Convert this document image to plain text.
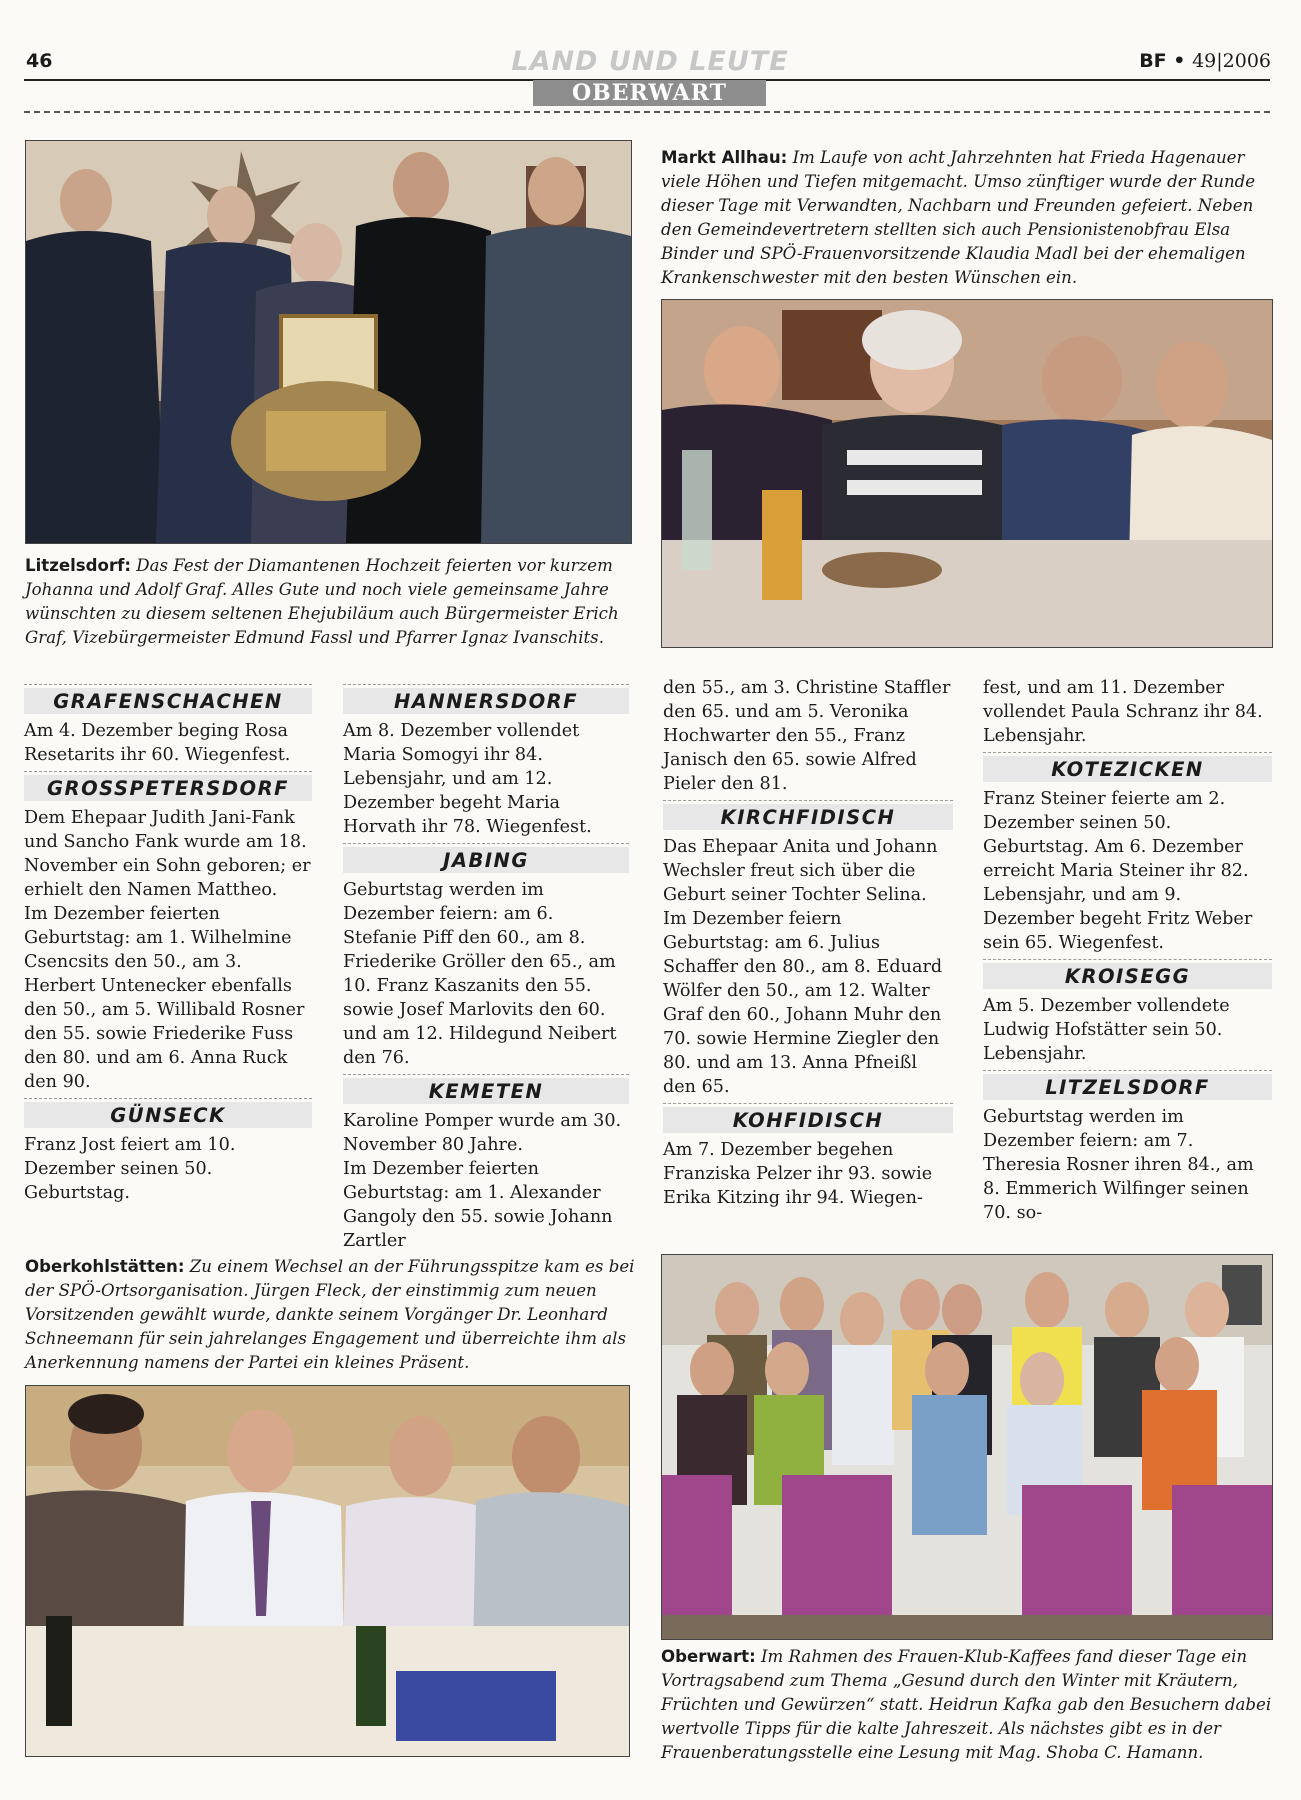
46	LAND UND LEUTE	BF • 49|2006
OBERWART
Markt Allhau: Im Laufe von acht Jahrzehnten hat Frieda Hagenauer viele Höhen und Tiefen mitgemacht. Umso zünftiger wurde der Runde dieser Tage mit Verwandten, Nachbarn und Freunden gefeiert. Neben den Gemeindevertretern stellten sich auch Pensionistenobfrau Elsa Binder und SPÖ-Frauenvorsitzende Klaudia Madl bei der ehemaligen Krankenschwester mit den besten Wünschen ein.
Litzelsdorf: Das Fest der Diamantenen Hochzeit feierten vor kurzem Johanna und Adolf Graf. Alles Gute und noch viele gemeinsame Jahre wünschten zu diesem seltenen Ehejubiläum auch Bürgermeister Erich Graf, Vizebürgermeister Edmund Fassl und Pfarrer Ignaz Ivanschits.
GRAFENSCHACHEN

Am 4. Dezember beging Rosa Resetarits ihr 60. Wiegenfest.

GROSSPETERSDORF

Dem Ehepaar Judith Jani-Fank und Sancho Fank wurde am 18. November ein Sohn geboren; er erhielt den Namen Mattheo.

Im Dezember feierten Geburtstag: am 1. Wilhelmine Csencsits den 50., am 3. Herbert Untenecker ebenfalls den 50., am 5. Willibald Rosner den 55. sowie Friederike Fuss den 80. und am 6. Anna Ruck den 90.

GÜNSECK

Franz Jost feiert am 10. Dezember seinen 50. Geburtstag.

HANNERSDORF

Am 8. Dezember vollendet Maria Somogyi ihr 84. Lebensjahr, und am 12. Dezember begeht Maria Horvath ihr 78. Wiegenfest.

JABING

Geburtstag werden im Dezember feiern: am 6. Stefanie Piff den 60., am 8. Friederike Gröller den 65., am 10. Franz Kaszanits den 55. sowie Josef Marlovits den 60. und am 12. Hildegund Neibert den 76.

KEMETEN

Karoline Pomper wurde am 30. November 80 Jahre.

Im Dezember feierten Geburtstag: am 1. Alexander Gangoly den 55. sowie Johann Zartler

den 55., am 3. Christine Staffler den 65. und am 5. Veronika Hochwarter den 55., Franz Janisch den 65. sowie Alfred Pieler den 81.

KIRCHFIDISCH

Das Ehepaar Anita und Johann Wechsler freut sich über die Geburt seiner Tochter Selina. Im Dezember feiern Geburtstag: am 6. Julius Schaffer den 80., am 8. Eduard Wölfer den 50., am 12. Walter Graf den 60., Johann Muhr den 70. sowie Hermine Ziegler den 80. und am 13. Anna Pfneißl den 65.

KOHFIDISCH

Am 7. Dezember begehen Franziska Pelzer ihr 93. sowie Erika Kitzing ihr 94. Wiegen-

fest, und am 11. Dezember vollendet Paula Schranz ihr 84. Lebensjahr.

KOTEZICKEN

Franz Steiner feierte am 2. Dezember seinen 50. Geburtstag. Am 6. Dezember erreicht Maria Steiner ihr 82. Lebensjahr, und am 9. Dezember begeht Fritz Weber sein 65. Wiegenfest.

KROISEGG

Am 5. Dezember vollendete Ludwig Hofstätter sein 50. Lebensjahr.

LITZELSDORF

Geburtstag werden im Dezember feiern: am 7. Theresia Rosner ihren 84., am 8. Emmerich Wilfinger seinen 70. so-

Oberkohlstätten: Zu einem Wechsel an der Führungsspitze kam es bei der SPÖ-Ortsorganisation. Jürgen Fleck, der einstimmig zum neuen Vorsitzenden gewählt wurde, dankte seinem Vorgänger Dr. Leonhard Schneemann für sein jahrelanges Engagement und überreichte ihm als Anerkennung namens der Partei ein kleines Präsent.
Oberwart: Im Rahmen des Frauen-Klub-Kaffees fand dieser Tage ein Vortragsabend zum Thema „Gesund durch den Winter mit Kräutern, Früchten und Gewürzen“ statt. Heidrun Kafka gab den Besuchern dabei wertvolle Tipps für die kalte Jahreszeit. Als nächstes gibt es in der Frauenberatungsstelle eine Lesung mit Mag. Shoba C. Hamann.
